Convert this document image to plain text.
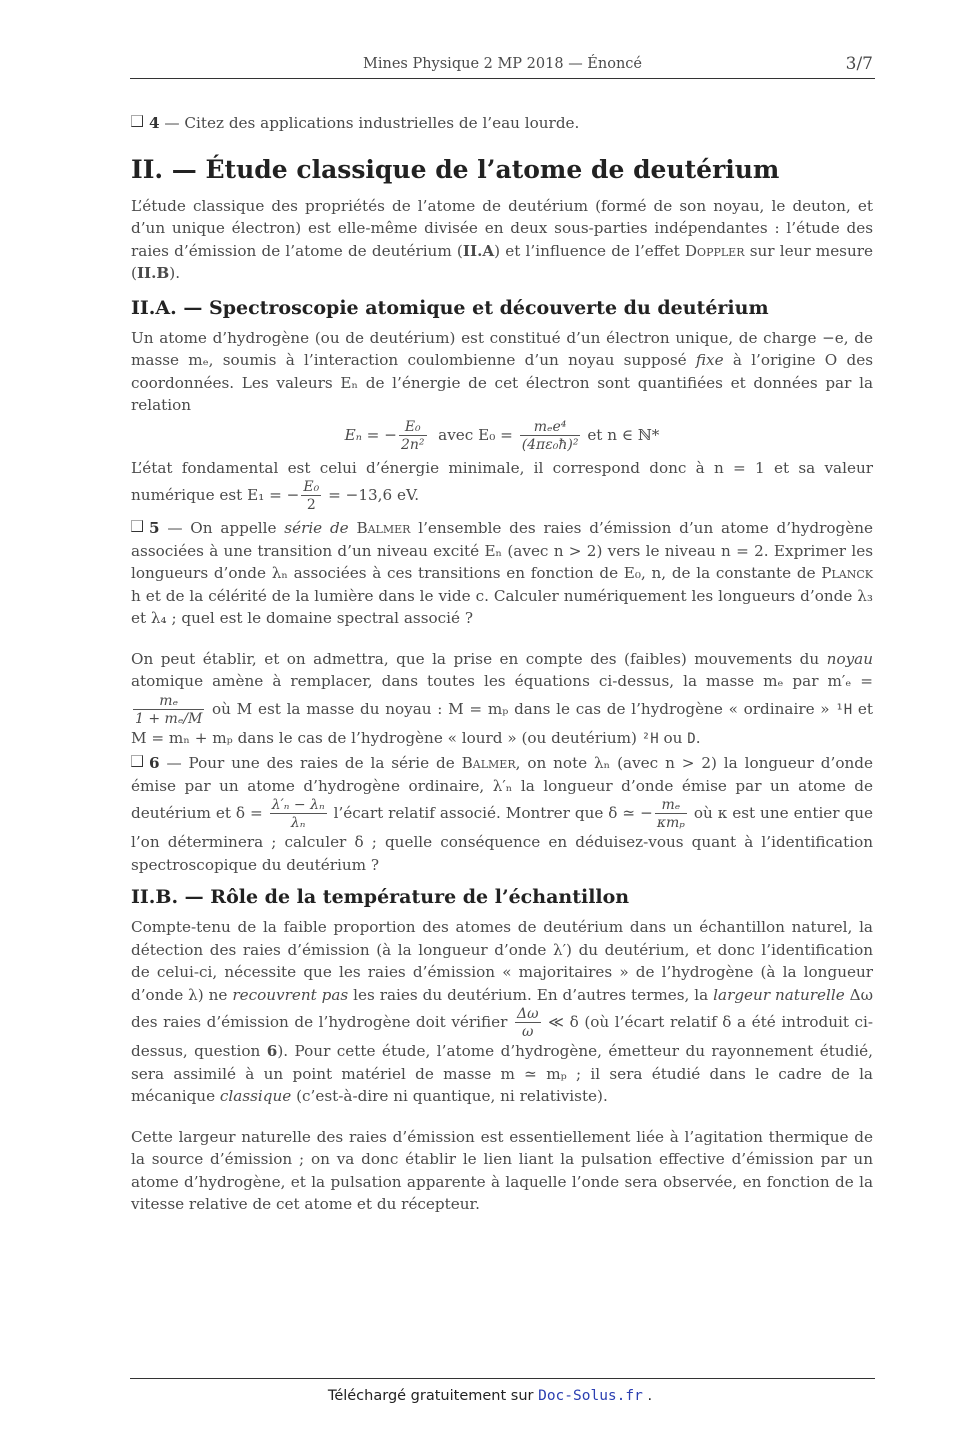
Mines Physique 2 MP 2018 — Énoncé	3/7

4 — Citez des applications industrielles de l’eau lourde.

II. — Étude classique de l’atome de deutérium

L’étude classique des propriétés de l’atome de deutérium (formé de son noyau, le deuton, et d’un unique électron) est elle-même divisée en deux sous-parties indépendantes : l’étude des raies d’émission de l’atome de deutérium (II.A) et l’influence de l’effet Doppler sur leur mesure (II.B).

II.A. — Spectroscopie atomique et découverte du deutérium

Un atome d’hydrogène (ou de deutérium) est constitué d’un électron unique, de charge −e, de masse mₑ, soumis à l’interaction coulombienne d’un noyau supposé fixe à l’origine O des coordonnées. Les valeurs Eₙ de l’énergie de cet électron sont quantifiées et données par la relation

Eₙ = − $\frac{\text{E₀}}{\text{2n²}}$ avec $E_0 = \frac{\text{mₑe⁴}}{\text{(4πε₀ħ)²}}$ et n ∈ ℕ*

L’état fondamental est celui d’énergie minimale, il correspond donc à n = 1 et sa valeur numérique est E₁ = − $\frac{\text{E₀}}{2} = -13,6$ eV.

5 — On appelle série de Balmer l’ensemble des raies d’émission d’un atome d’hydrogène associées à une transition d’un niveau excité Eₙ (avec n > 2) vers le niveau n = 2. Exprimer les longueurs d’onde λₙ associées à ces transitions en fonction de E₀, n, de la constante de Planck h et de la célérité de la lumière dans le vide c. Calculer numériquement les longueurs d’onde λ₃ et λ₄ ; quel est le domaine spectral associé ?

On peut établir, et on admettra, que la prise en compte des (faibles) mouvements du noyau atomique amène à remplacer, dans toutes les équations ci-dessus, la masse mₑ par m′ₑ =
$\frac{\text{mₑ}}{\text{1 + mₑ/M}}$ où M est la masse du noyau : M = mₚ dans le cas de l’hydrogène « ordinaire » ¹H et M = mₙ + mₚ dans le cas de l’hydrogène « lourd » (ou deutérium) ²H ou D.

6 — Pour une des raies de la série de Balmer, on note λₙ (avec n > 2) la longueur d’onde émise par un atome d’hydrogène ordinaire, λ′ₙ la longueur d’onde émise par un atome de deutérium et $\delta = \frac{\text{λ′ₙ − λₙ}}{\text{λₙ}}$ l’écart relatif associé. Montrer que δ ≃ − $\frac{\text{mₑ}}{\text{κmₚ}}$ où κ est une entier que l’on déterminera ; calculer δ ; quelle conséquence en déduisez-vous quant à l’identification spectroscopique du deutérium ?

II.B. — Rôle de la température de l’échantillon

Compte-tenu de la faible proportion des atomes de deutérium dans un échantillon naturel, la détection des raies d’émission (à la longueur d’onde λ′) du deutérium, et donc l’identification de celui-ci, nécessite que les raies d’émission « majoritaires » de l’hydrogène (à la longueur d’onde λ) ne recouvrent pas les raies du deutérium. En d’autres termes, la largeur naturelle Δω des raies d’émission de l’hydrogène doit vérifier $\frac{\Delta\omega}{\omega}$ ≪ δ (où l’écart relatif δ a été introduit ci-dessus, question 6). Pour cette étude, l’atome d’hydrogène, émetteur du rayonnement étudié, sera assimilé à un point matériel de masse m ≃ mₚ ; il sera étudié dans le cadre de la mécanique classique (c’est-à-dire ni quantique, ni relativiste).

Cette largeur naturelle des raies d’émission est essentiellement liée à l’agitation thermique de la source d’émission ; on va donc établir le lien liant la pulsation effective d’émission par un atome d’hydrogène, et la pulsation apparente à laquelle l’onde sera observée, en fonction de la vitesse relative de cet atome et du récepteur.

Téléchargé gratuitement sur Doc-Solus.fr .
